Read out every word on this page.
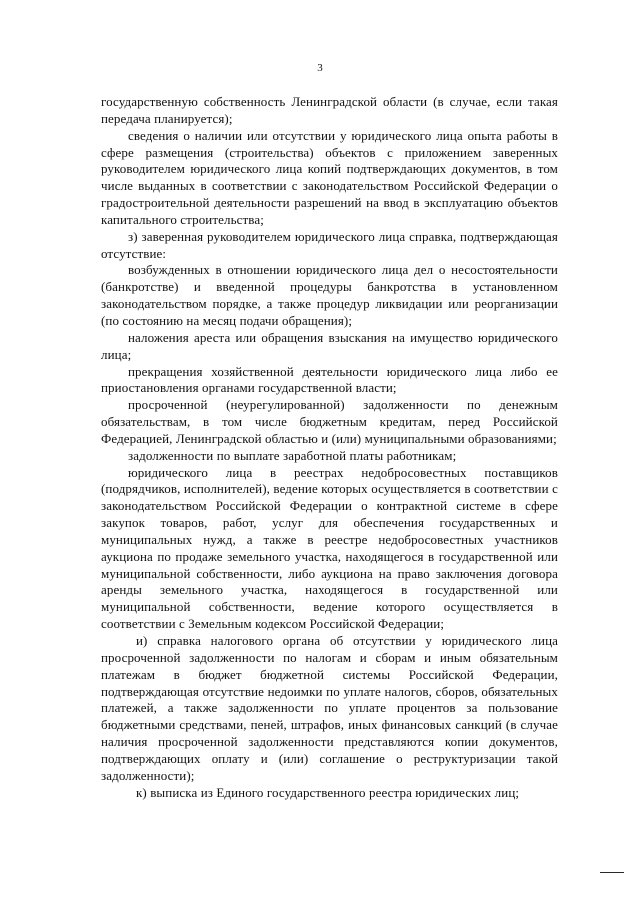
3

государственную собственность Ленинградской области (в случае, если такая передача планируется);

сведения о наличии или отсутствии у юридического лица опыта работы в сфере размещения (строительства) объектов с приложением заверенных руководителем юридического лица копий подтверждающих документов, в том числе выданных в соответствии с законодательством Российской Федерации о градостроительной деятельности разрешений на ввод в эксплуатацию объектов капитального строительства;

з) заверенная руководителем юридического лица справка, подтверждающая отсутствие:

возбужденных в отношении юридического лица дел о несостоятельности (банкротстве) и введенной процедуры банкротства в установленном законодательством порядке, а также процедур ликвидации или реорганизации (по состоянию на месяц подачи обращения);

наложения ареста или обращения взыскания на имущество юридического лица;

прекращения хозяйственной деятельности юридического лица либо ее приостановления органами государственной власти;

просроченной (неурегулированной) задолженности по денежным обязательствам, в том числе бюджетным кредитам, перед Российской Федерацией, Ленинградской областью и (или) муниципальными образованиями;

задолженности по выплате заработной платы работникам;

юридического лица в реестрах недобросовестных поставщиков (подрядчиков, исполнителей), ведение которых осуществляется в соответствии с законодательством Российской Федерации о контрактной системе в сфере закупок товаров, работ, услуг для обеспечения государственных и муниципальных нужд, а также в реестре недобросовестных участников аукциона по продаже земельного участка, находящегося в государственной или муниципальной собственности, либо аукциона на право заключения договора аренды земельного участка, находящегося в государственной или муниципальной собственности, ведение которого осуществляется в соответствии с Земельным кодексом Российской Федерации;

и) справка налогового органа об отсутствии у юридического лица просроченной задолженности по налогам и сборам и иным обязательным платежам в бюджет бюджетной системы Российской Федерации, подтверждающая отсутствие недоимки по уплате налогов, сборов, обязательных платежей, а также задолженности по уплате процентов за пользование бюджетными средствами, пеней, штрафов, иных финансовых санкций (в случае наличия просроченной задолженности представляются копии документов, подтверждающих оплату и (или) соглашение о реструктуризации такой задолженности);

к) выписка из Единого государственного реестра юридических лиц;
